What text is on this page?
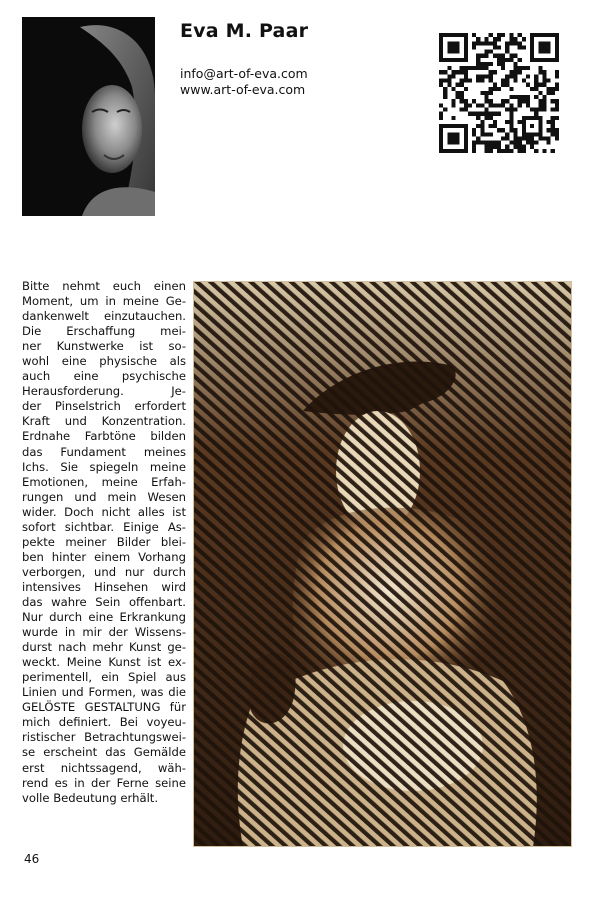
Eva M. Paar
info@art-of-eva.com
www.art-of-eva.com
Bitte nehmt euch einen
Moment, um in meine Ge-
dankenwelt einzutauchen.
Die Erschaffung mei-
ner Kunstwerke ist so-
wohl eine physische als
auch eine psychische
Herausforderung. Je-
der Pinselstrich erfordert
Kraft und Konzentration.
Erdnahe Farbtöne bilden
das Fundament meines
Ichs. Sie spiegeln meine
Emotionen, meine Erfah-
rungen und mein Wesen
wider. Doch nicht alles ist
sofort sichtbar. Einige As-
pekte meiner Bilder blei-
ben hinter einem Vorhang
verborgen, und nur durch
intensives Hinsehen wird
das wahre Sein offenbart.
Nur durch eine Erkrankung
wurde in mir der Wissens-
durst nach mehr Kunst ge-
weckt. Meine Kunst ist ex-
perimentell, ein Spiel aus
Linien und Formen, was die
GELÖSTE GESTALTUNG für
mich definiert. Bei voyeu-
ristischer Betrachtungswei-
se erscheint das Gemälde
erst nichtssagend, wäh-
rend es in der Ferne seine
volle Bedeutung erhält.
46
